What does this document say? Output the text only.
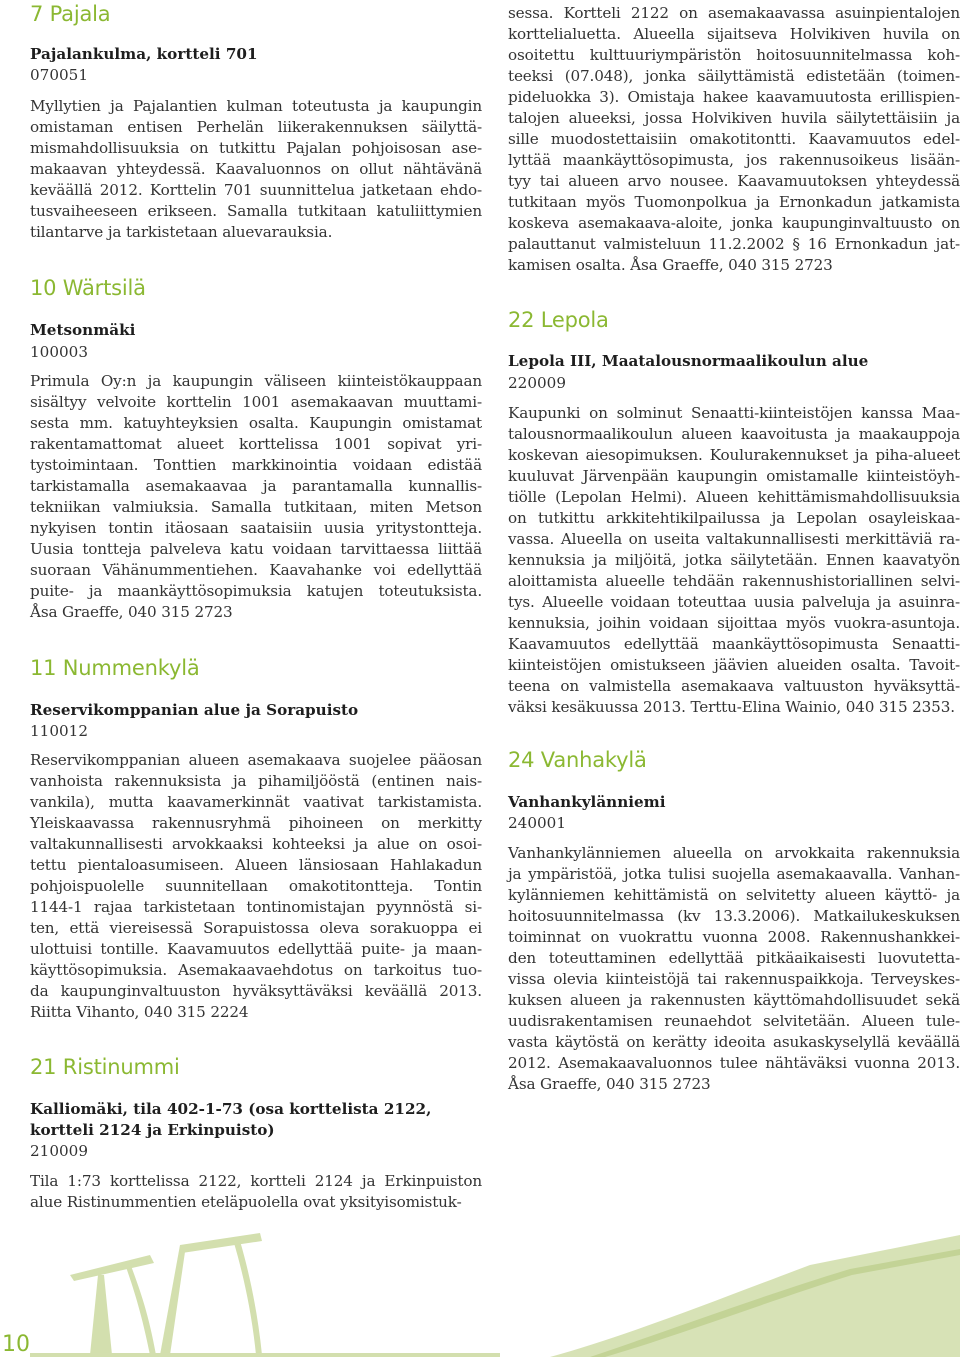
10
7 Pajala
Pajalankulma, kortteli 701
070051
Myllytien ja Pajalantien kulman toteutusta ja kaupungin
omistaman entisen Perhelän liikerakennuksen säilyttä-
mismahdollisuuksia on tutkittu Pajalan pohjoisosan ase-
makaavan yhteydessä. Kaavaluonnos on ollut nähtävänä
keväällä 2012. Korttelin 701 suunnittelua jatketaan ehdo-
tusvaiheeseen erikseen. Samalla tutkitaan katuliittymien
tilantarve ja tarkistetaan aluevarauksia.
10 Wärtsilä
Metsonmäki
100003
Primula Oy:n ja kaupungin väliseen kiinteistökauppaan
sisältyy velvoite korttelin 1001 asemakaavan muuttami-
sesta mm. katuyhteyksien osalta. Kaupungin omistamat
rakentamattomat alueet korttelissa 1001 sopivat yri-
tystoimintaan. Tonttien markkinointia voidaan edistää
tarkistamalla asemakaavaa ja parantamalla kunnallis-
tekniikan valmiuksia. Samalla tutkitaan, miten Metson
nykyisen tontin itäosaan saataisiin uusia yritystontteja.
Uusia tontteja palveleva katu voidaan tarvittaessa liittää
suoraan Vähänummentiehen. Kaavahanke voi edellyttää
puite- ja maankäyttösopimuksia katujen toteutuksista.
Åsa Graeffe, 040 315 2723
11 Nummenkylä
Reservikomppanian alue ja Sorapuisto
110012
Reservikomppanian alueen asemakaava suojelee pääosan
vanhoista rakennuksista ja pihamiljööstä (entinen nais-
vankila), mutta kaavamerkinnät vaativat tarkistamista.
Yleiskaavassa rakennusryhmä pihoineen on merkitty
valtakunnallisesti arvokkaaksi kohteeksi ja alue on osoi-
tettu pientaloasumiseen. Alueen länsiosaan Hahlakadun
pohjoispuolelle suunnitellaan omakotitontteja. Tontin
1144-1 rajaa tarkistetaan tontinomistajan pyynnöstä si-
ten, että viereisessä Sorapuistossa oleva sorakuoppa ei
ulottuisi tontille. Kaavamuutos edellyttää puite- ja maan-
käyttösopimuksia. Asemakaavaehdotus on tarkoitus tuo-
da kaupunginvaltuuston hyväksyttäväksi keväällä 2013.
Riitta Vihanto, 040 315 2224
21 Ristinummi
Kalliomäki, tila 402-1-73 (osa korttelista 2122,
kortteli 2124 ja Erkinpuisto)
210009
Tila 1:73 korttelissa 2122, kortteli 2124 ja Erkinpuiston
alue Ristinummentien eteläpuolella ovat yksityisomistuk-
sessa. Kortteli 2122 on asemakaavassa asuinpientalojen
korttelialuetta. Alueella sijaitseva Holvikiven huvila on
osoitettu kulttuuriympäristön hoitosuunnitelmassa koh-
teeksi (07.048), jonka säilyttämistä edistetään (toimen-
pideluokka 3). Omistaja hakee kaavamuutosta erillispien-
talojen alueeksi, jossa Holvikiven huvila säilytettäisiin ja
sille muodostettaisiin omakotitontti. Kaavamuutos edel-
lyttää maankäyttösopimusta, jos rakennusoikeus lisään-
tyy tai alueen arvo nousee. Kaavamuutoksen yhteydessä
tutkitaan myös Tuomonpolkua ja Ernonkadun jatkamista
koskeva asemakaava-aloite, jonka kaupunginvaltuusto on
palauttanut valmisteluun 11.2.2002 § 16 Ernonkadun jat-
kamisen osalta. Åsa Graeffe, 040 315 2723
22 Lepola
Lepola III, Maatalousnormaalikoulun alue
220009
Kaupunki on solminut Senaatti-kiinteistöjen kanssa Maa-
talousnormaalikoulun alueen kaavoitusta ja maakauppoja
koskevan aiesopimuksen. Koulurakennukset ja piha-alueet
kuuluvat Järvenpään kaupungin omistamalle kiinteistöyh-
tiölle (Lepolan Helmi). Alueen kehittämismahdollisuuksia
on tutkittu arkkitehtikilpailussa ja Lepolan osayleiskaa-
vassa. Alueella on useita valtakunnallisesti merkittäviä ra-
kennuksia ja miljöitä, jotka säilytetään. Ennen kaavatyön
aloittamista alueelle tehdään rakennushistoriallinen selvi-
tys. Alueelle voidaan toteuttaa uusia palveluja ja asuinra-
kennuksia, joihin voidaan sijoittaa myös vuokra-asuntoja.
Kaavamuutos edellyttää maankäyttösopimusta Senaatti-
kiinteistöjen omistukseen jäävien alueiden osalta. Tavoit-
teena on valmistella asemakaava valtuuston hyväksyttä-
väksi kesäkuussa 2013. Terttu-Elina Wainio, 040 315 2353.
24 Vanhakylä
Vanhankylänniemi
240001
Vanhankylänniemen alueella on arvokkaita rakennuksia
ja ympäristöä, jotka tulisi suojella asemakaavalla. Vanhan-
kylänniemen kehittämistä on selvitetty alueen käyttö- ja
hoitosuunnitelmassa (kv 13.3.2006). Matkailukeskuksen
toiminnat on vuokrattu vuonna 2008. Rakennushankkei-
den toteuttaminen edellyttää pitkäaikaisesti luovutetta-
vissa olevia kiinteistöjä tai rakennuspaikkoja. Terveyskes-
kuksen alueen ja rakennusten käyttömahdollisuudet sekä
uudisrakentamisen reunaehdot selvitetään. Alueen tule-
vasta käytöstä on kerätty ideoita asukaskyselyllä keväällä
2012. Asemakaavaluonnos tulee nähtäväksi vuonna 2013.
Åsa Graeffe, 040 315 2723
